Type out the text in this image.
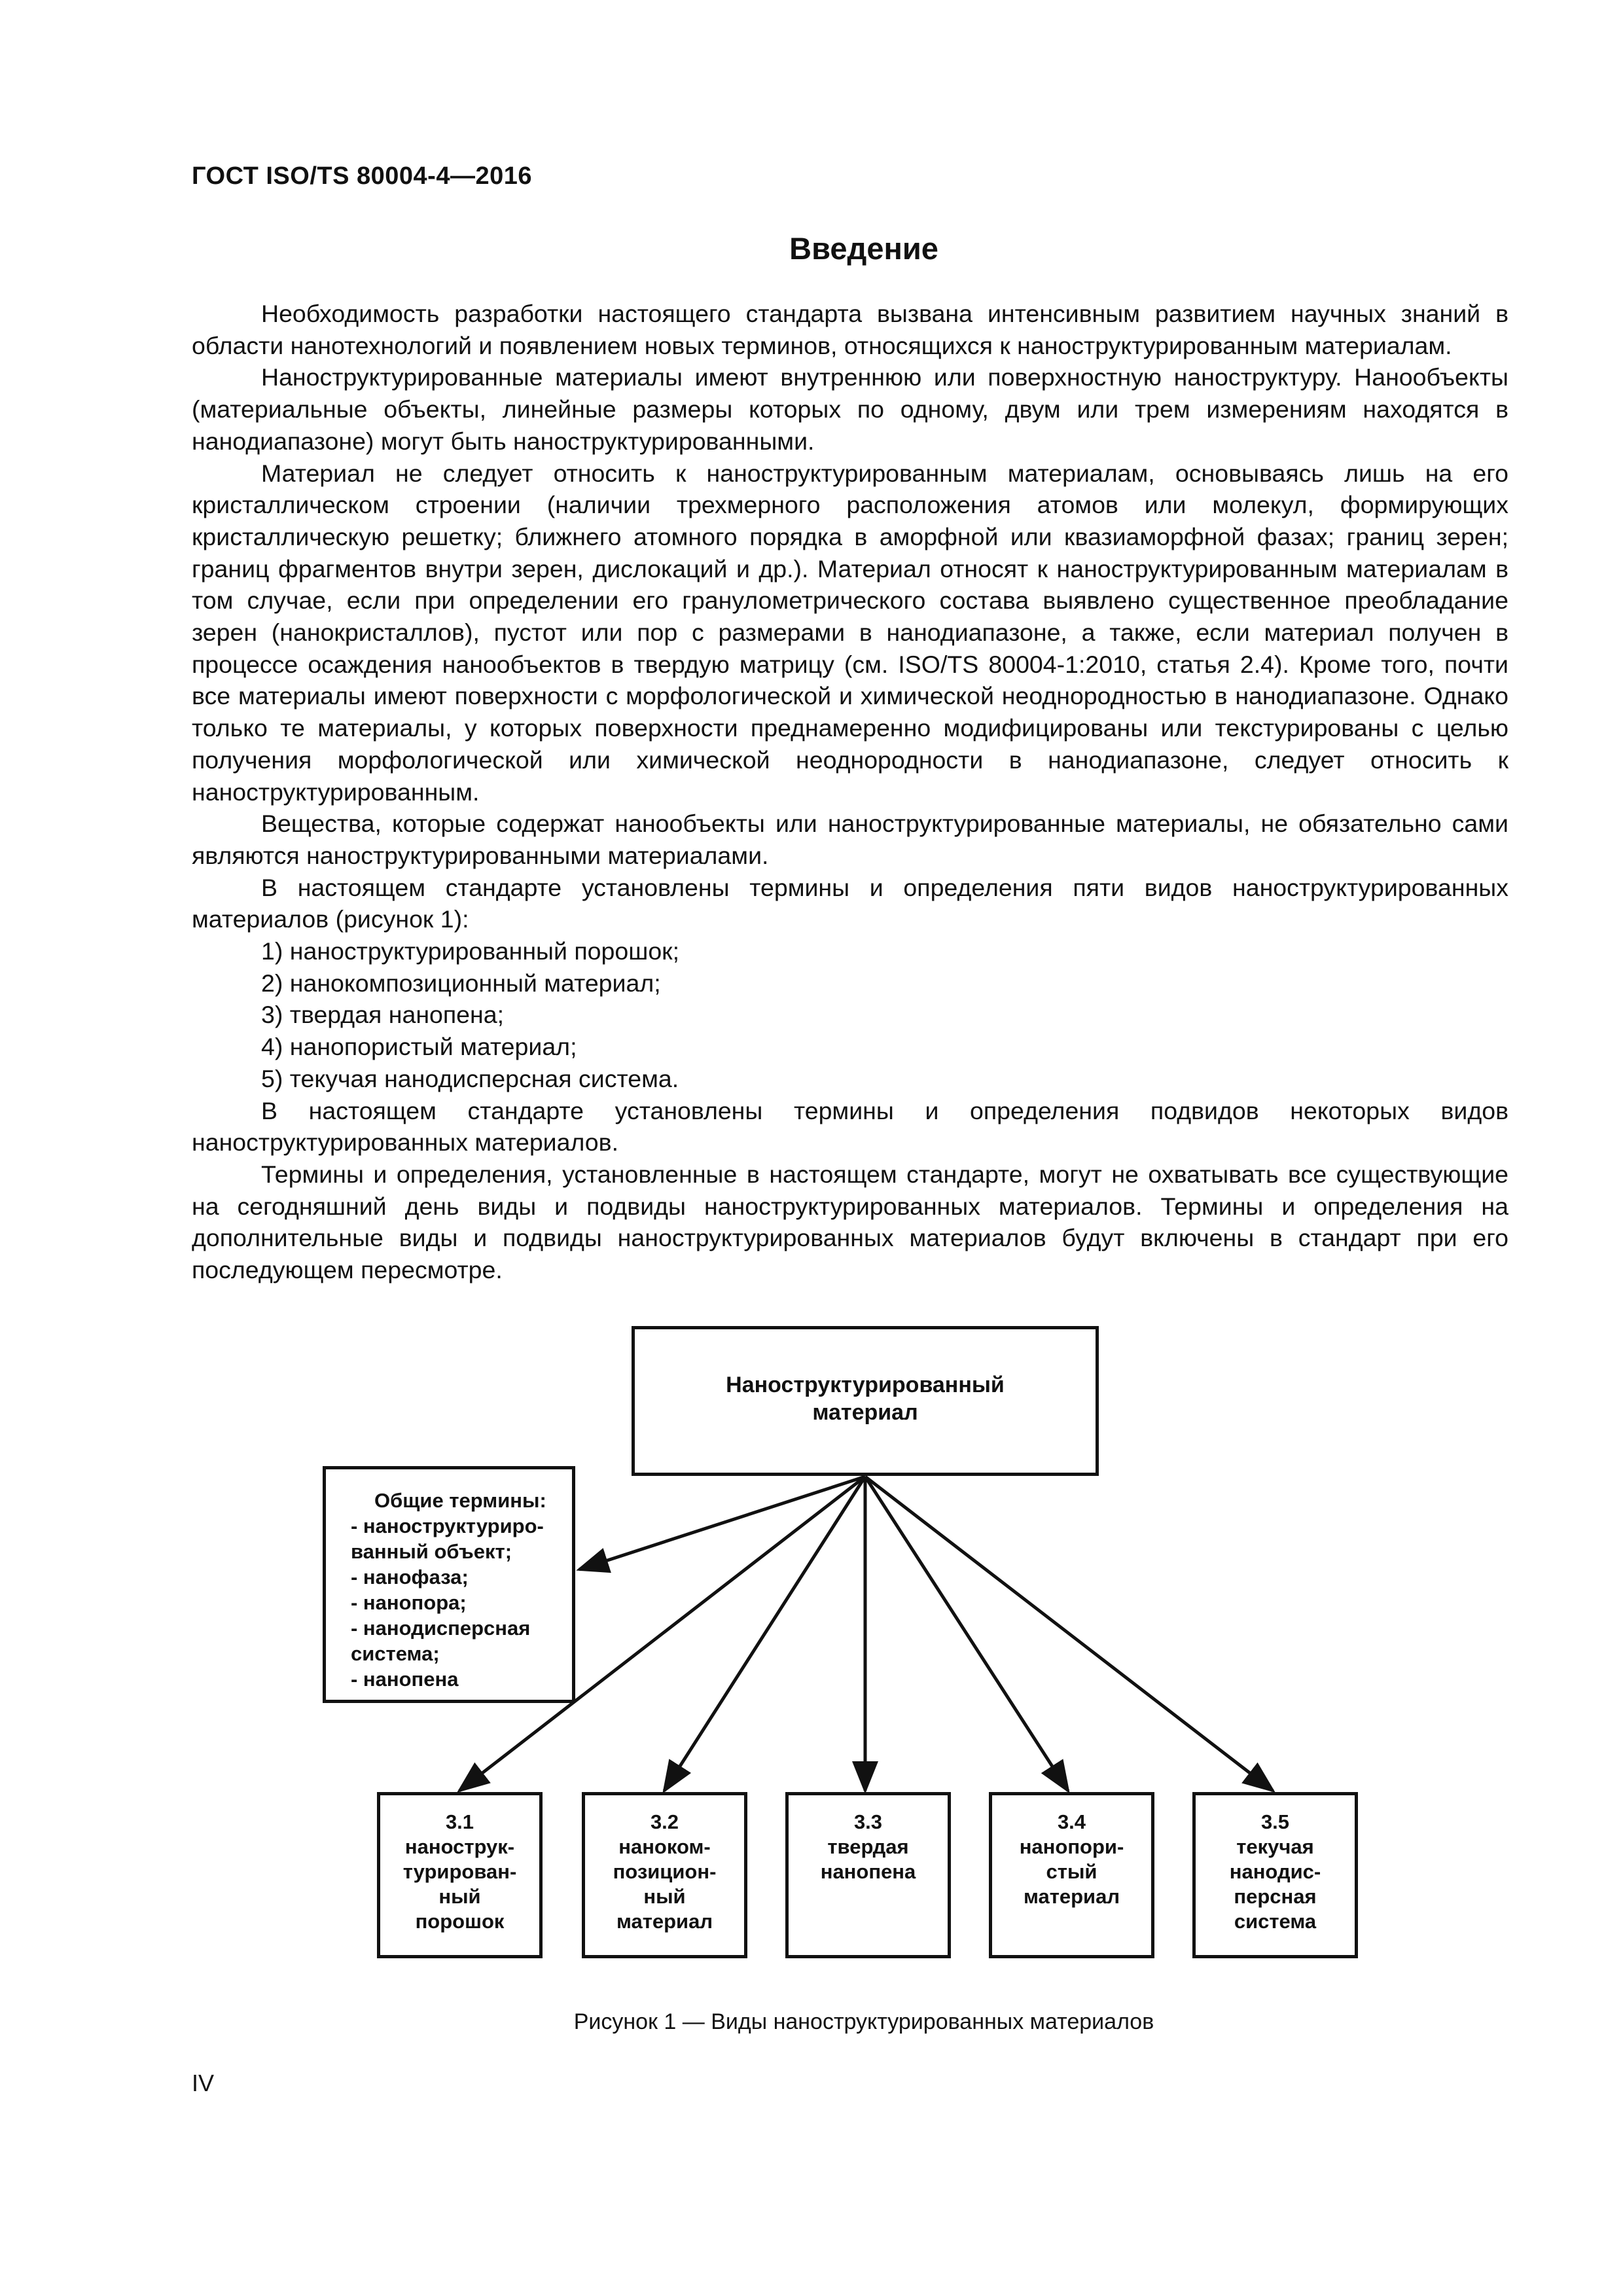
ГОСТ ISO/TS 80004-4—2016
Введение

Необходимость разработки настоящего стандарта вызвана интенсивным развитием научных знаний в области нанотехнологий и появлением новых терминов, относящихся к наноструктурированным материалам.

Наноструктурированные материалы имеют внутреннюю или поверхностную наноструктуру. Нанообъекты (материальные объекты, линейные размеры которых по одному, двум или трем измерениям находятся в нанодиапазоне) могут быть наноструктурированными.

Материал не следует относить к наноструктурированным материалам, основываясь лишь на его кристаллическом строении (наличии трехмерного расположения атомов или молекул, формирующих кристаллическую решетку; ближнего атомного порядка в аморфной или квазиаморфной фазах; границ зерен; границ фрагментов внутри зерен, дислокаций и др.). Материал относят к наноструктурированным материалам в том случае, если при определении его гранулометрического состава выявлено существенное преобладание зерен (нанокристаллов), пустот или пор с размерами в нанодиапазоне, а также, если материал получен в процессе осаждения нанообъектов в твердую матрицу (см. ISO/TS 80004-1:2010, статья 2.4). Кроме того, почти все материалы имеют поверхности с морфологической и химической неоднородностью в нанодиапазоне. Однако только те материалы, у которых поверхности преднамеренно модифицированы или текстурированы с целью получения морфологической или химической неоднородности в нанодиапазоне, следует относить к наноструктурированным.

Вещества, которые содержат нанообъекты или наноструктурированные материалы, не обязательно сами являются наноструктурированными материалами.

В настоящем стандарте установлены термины и определения пяти видов наноструктурированных материалов (рисунок 1):

1) наноструктурированный порошок;
2) нанокомпозиционный материал;
3) твердая нанопена;
4) нанопористый материал;
5) текучая нанодисперсная система.

В настоящем стандарте установлены термины и определения подвидов некоторых видов наноструктурированных материалов.

Термины и определения, установленные в настоящем стандарте, могут не охватывать все существующие на сегодняшний день виды и подвиды наноструктурированных материалов. Термины и определения на дополнительные виды и подвиды наноструктурированных материалов будут включены в стандарт при его последующем пересмотре.

Наноструктурированный
материал
Общие термины:
- наноструктуриро-
ванный объект;
- нанофаза;
- нанопора;
- нанодисперсная
система;
- нанопена
3.1
нанострук-
турирован-
ный
порошок
3.2
наноком-
позицион-
ный
материал
3.3
твердая
нанопена
3.4
нанопори-
стый
материал
3.5
текучая
нанодис-
персная
система
Рисунок 1 — Виды наноструктурированных материалов
IV
